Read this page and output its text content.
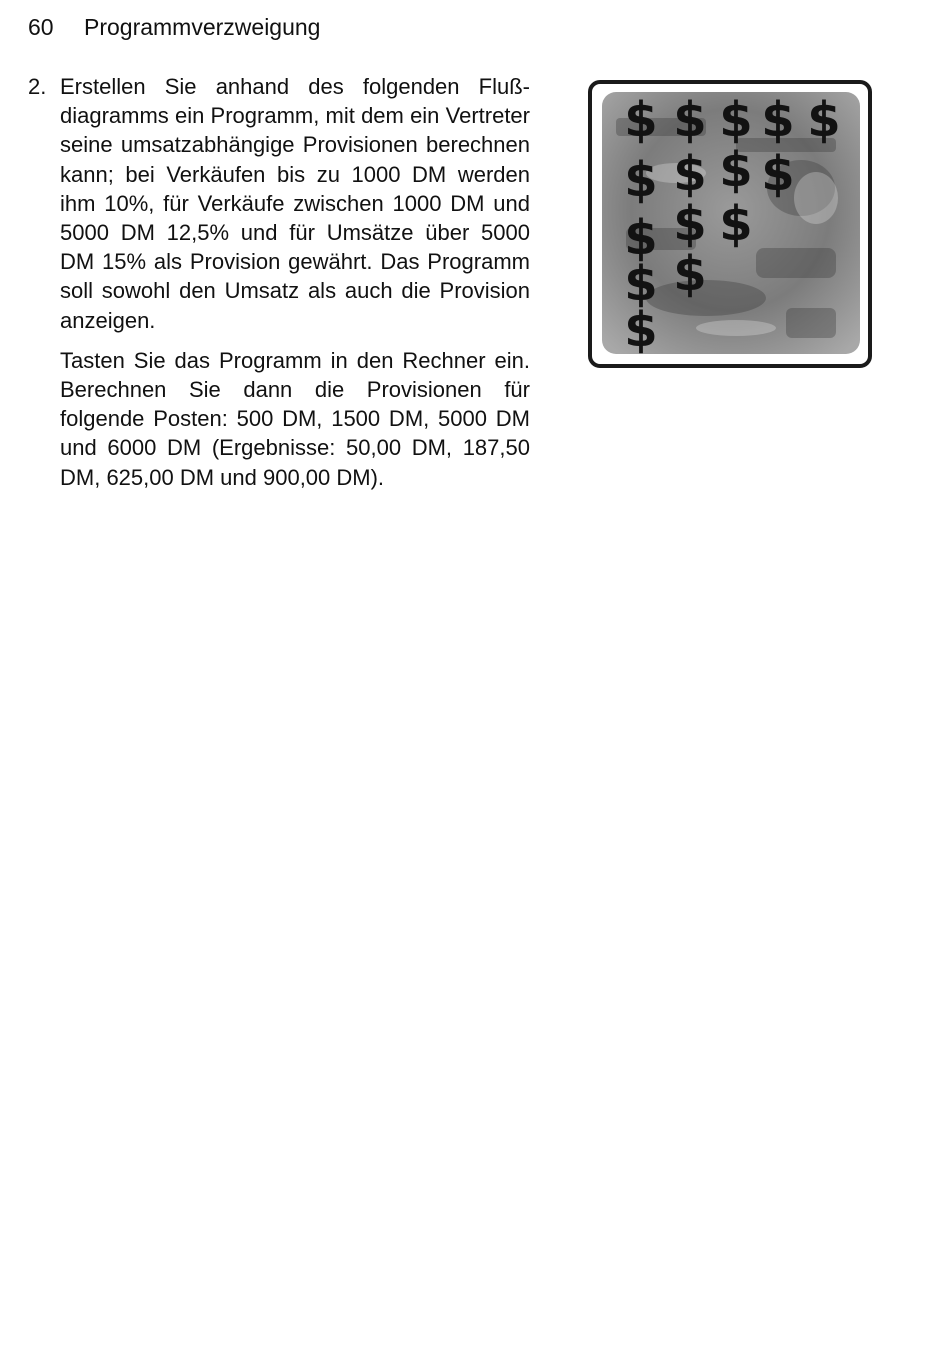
60 Programmverzweigung
2. Erstellen Sie anhand des folgenden Flußdiagramms ein Programm, mit dem ein Vertreter seine umsatzabhängige Provisionen berechnen kann; bei Verkäufen bis zu 1000 DM werden ihm 10%, für Verkäufe zwischen 1000 DM und 5000 DM 12,5% und für Umsätze über 5000 DM 15% als Provision gewährt. Das Programm soll sowohl den Umsatz als auch die Provision anzeigen.

Tasten Sie das Programm in den Rechner ein. Berechnen Sie dann die Provisionen für folgende Posten: 500 DM, 1500 DM, 5000 DM und 6000 DM (Ergebnisse: 50,00 DM, 187,50 DM, 625,00 DM und 900,00 DM).

$
$
$
$
$
$
$
$
$
$
$
$
$
$
$
